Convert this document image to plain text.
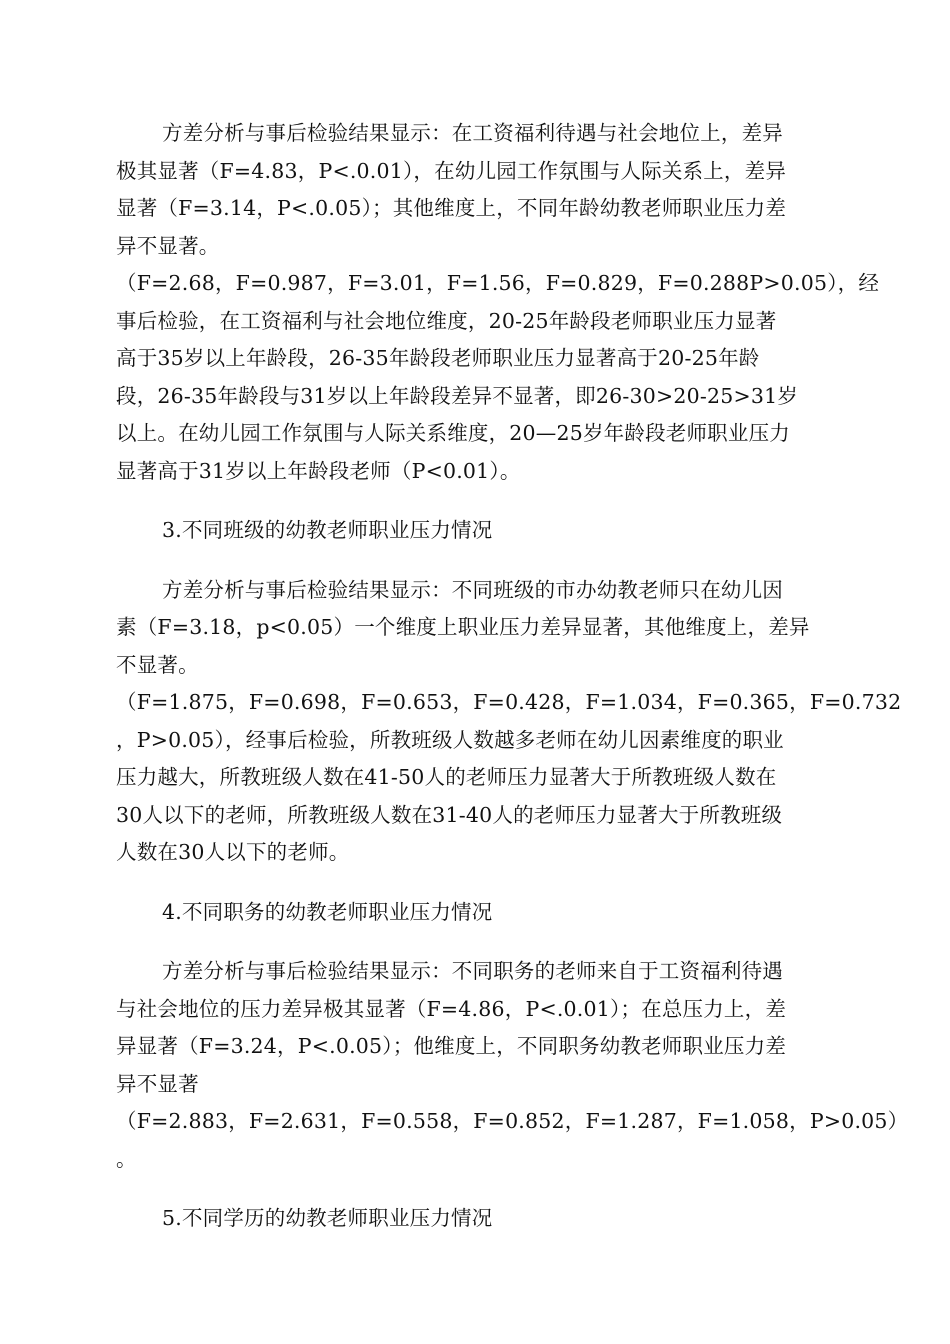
方差分析与事后检验结果显示：在工资福利待遇与社会地位上，差异
极其显著（F=4.83，P<.0.01），在幼儿园工作氛围与人际关系上，差异
显著（F=3.14，P<.0.05）；其他维度上，不同年龄幼教老师职业压力差
异不显著。
（F=2.68，F=0.987，F=3.01，F=1.56，F=0.829，F=0.288P>0.05），经
事后检验，在工资福利与社会地位维度，20-25年龄段老师职业压力显著
高于35岁以上年龄段，26-35年龄段老师职业压力显著高于20-25年龄
段，26-35年龄段与31岁以上年龄段差异不显著，即26-30>20-25>31岁
以上。在幼儿园工作氛围与人际关系维度，20—25岁年龄段老师职业压力
显著高于31岁以上年龄段老师（P<0.01）。
3.不同班级的幼教老师职业压力情况
方差分析与事后检验结果显示：不同班级的市办幼教老师只在幼儿因
素（F=3.18，p<0.05）一个维度上职业压力差异显著，其他维度上，差异
不显著。
（F=1.875，F=0.698，F=0.653，F=0.428，F=1.034，F=0.365，F=0.732
，P>0.05），经事后检验，所教班级人数越多老师在幼儿因素维度的职业
压力越大，所教班级人数在41-50人的老师压力显著大于所教班级人数在
30人以下的老师，所教班级人数在31-40人的老师压力显著大于所教班级
人数在30人以下的老师。
4.不同职务的幼教老师职业压力情况
方差分析与事后检验结果显示：不同职务的老师来自于工资福利待遇
与社会地位的压力差异极其显著（F=4.86，P<.0.01）；在总压力上，差
异显著（F=3.24，P<.0.05）；他维度上，不同职务幼教老师职业压力差
异不显著
（F=2.883，F=2.631，F=0.558，F=0.852，F=1.287，F=1.058，P>0.05）
。
5.不同学历的幼教老师职业压力情况
